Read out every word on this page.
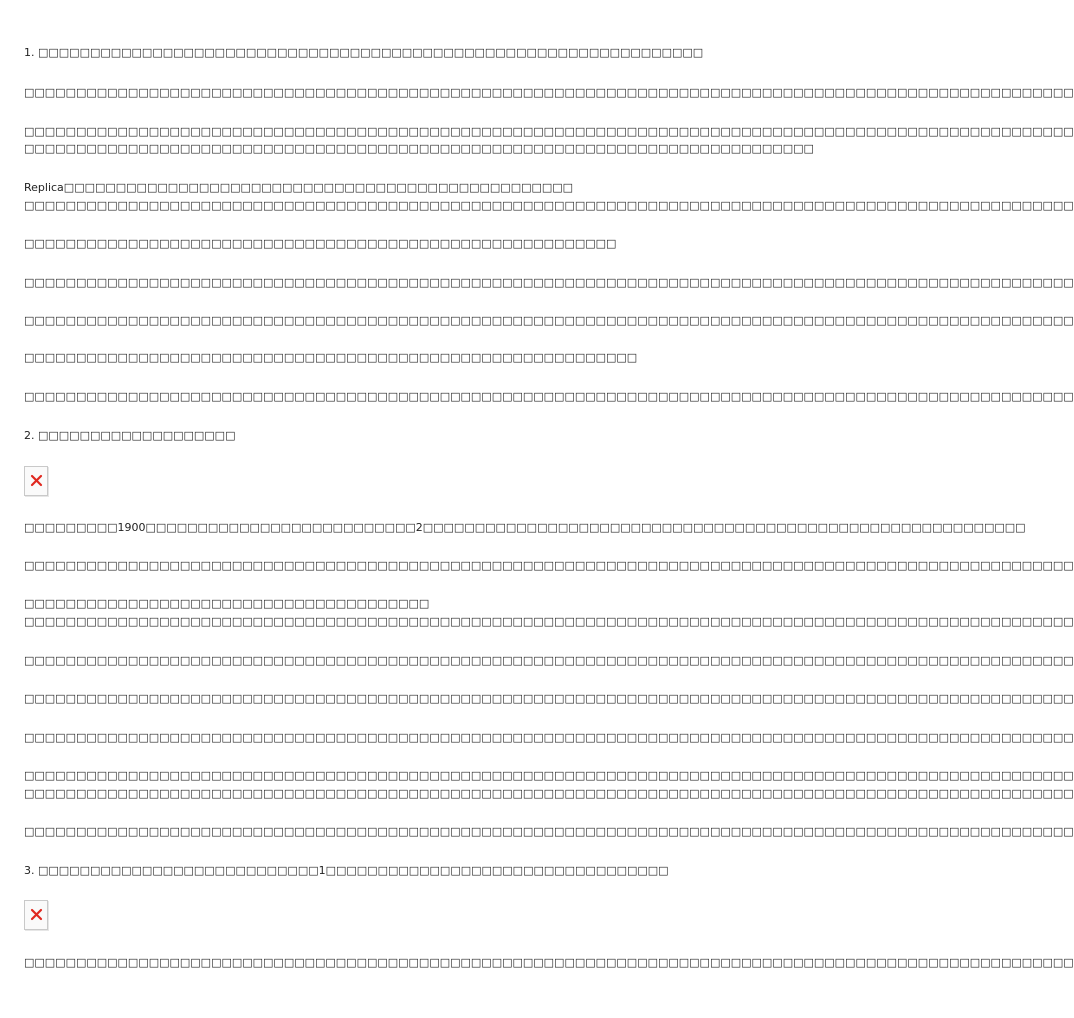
1. □□□□□□□□□□□□□□□□□□□□□□□□□□□□□□□□□□□□□□□□□□□□□□□□□□□□□□□□□□□□□□□□
□□□□□□□□□□□□□□□□□□□□□□□□□□□□□□□□□□□□□□□□□□□□□□□□□□□□□□□□□□□□□□□□□□□□□□□□□□□□□□□□□□□□□□□□□□□□□□□□□□□□□
□□□□□□□□□□□□□□□□□□□□□□□□□□□□□□□□□□□□□□□□□□□□□□□□□□□□□□□□□□□□□□□□□□□□□□□□□□□□□□□□□□□□□□□□□□□□□□□□□□□□□
□□□□□□□□□□□□□□□□□□□□□□□□□□□□□□□□□□□□□□□□□□□□□□□□□□□□□□□□□□□□□□□□□□□□□□□□□□□□
Replica□□□□□□□□□□□□□□□□□□□□□□□□□□□□□□□□□□□□□□□□□□□□□□□□□
□□□□□□□□□□□□□□□□□□□□□□□□□□□□□□□□□□□□□□□□□□□□□□□□□□□□□□□□□□□□□□□□□□□□□□□□□□□□□□□□□□□□□□□□□□□□□□□□□□□□□
□□□□□□□□□□□□□□□□□□□□□□□□□□□□□□□□□□□□□□□□□□□□□□□□□□□□□□□□□
□□□□□□□□□□□□□□□□□□□□□□□□□□□□□□□□□□□□□□□□□□□□□□□□□□□□□□□□□□□□□□□□□□□□□□□□□□□□□□□□□□□□□□□□□□□□□□□□□□□□□
□□□□□□□□□□□□□□□□□□□□□□□□□□□□□□□□□□□□□□□□□□□□□□□□□□□□□□□□□□□□□□□□□□□□□□□□□□□□□□□□□□□□□□□□□□□□□□□□□□□□□
□□□□□□□□□□□□□□□□□□□□□□□□□□□□□□□□□□□□□□□□□□□□□□□□□□□□□□□□□□□
□□□□□□□□□□□□□□□□□□□□□□□□□□□□□□□□□□□□□□□□□□□□□□□□□□□□□□□□□□□□□□□□□□□□□□□□□□□□□□□□□□□□□□□□□□□□□□□□□□□□□
2. □□□□□□□□□□□□□□□□□□□
□□□□□□□□□1900□□□□□□□□□□□□□□□□□□□□□□□□□□2□□□□□□□□□□□□□□□□□□□□□□□□□□□□□□□□□□□□□□□□□□□□□□□□□□□□□□□□□□
□□□□□□□□□□□□□□□□□□□□□□□□□□□□□□□□□□□□□□□□□□□□□□□□□□□□□□□□□□□□□□□□□□□□□□□□□□□□□□□□□□□□□□□□□□□□□□□□□□□□□
□□□□□□□□□□□□□□□□□□□□□□□□□□□□□□□□□□□□□□□
□□□□□□□□□□□□□□□□□□□□□□□□□□□□□□□□□□□□□□□□□□□□□□□□□□□□□□□□□□□□□□□□□□□□□□□□□□□□□□□□□□□□□□□□□□□□□□□□□□□□□
□□□□□□□□□□□□□□□□□□□□□□□□□□□□□□□□□□□□□□□□□□□□□□□□□□□□□□□□□□□□□□□□□□□□□□□□□□□□□□□□□□□□□□□□□□□□□□□□□□□□□
□□□□□□□□□□□□□□□□□□□□□□□□□□□□□□□□□□□□□□□□□□□□□□□□□□□□□□□□□□□□□□□□□□□□□□□□□□□□□□□□□□□□□□□□□□□□□□□□□□□□□
□□□□□□□□□□□□□□□□□□□□□□□□□□□□□□□□□□□□□□□□□□□□□□□□□□□□□□□□□□□□□□□□□□□□□□□□□□□□□□□□□□□□□□□□□□□□□□□□□□□□□
□□□□□□□□□□□□□□□□□□□□□□□□□□□□□□□□□□□□□□□□□□□□□□□□□□□□□□□□□□□□□□□□□□□□□□□□□□□□□□□□□□□□□□□□□□□□□□□□□□□□□
□□□□□□□□□□□□□□□□□□□□□□□□□□□□□□□□□□□□□□□□□□□□□□□□□□□□□□□□□□□□□□□□□□□□□□□□□□□□□□□□□□□□□□□□□□□□□□□□□□□□□
□□□□□□□□□□□□□□□□□□□□□□□□□□□□□□□□□□□□□□□□□□□□□□□□□□□□□□□□□□□□□□□□□□□□□□□□□□□□□□□□□□□□□□□□□□□□□□□□□□□□□
3. □□□□□□□□□□□□□□□□□□□□□□□□□□□1□□□□□□□□□□□□□□□□□□□□□□□□□□□□□□□□□
□□□□□□□□□□□□□□□□□□□□□□□□□□□□□□□□□□□□□□□□□□□□□□□□□□□□□□□□□□□□□□□□□□□□□□□□□□□□□□□□□□□□□□□□□□□□□□□□□□□□□
